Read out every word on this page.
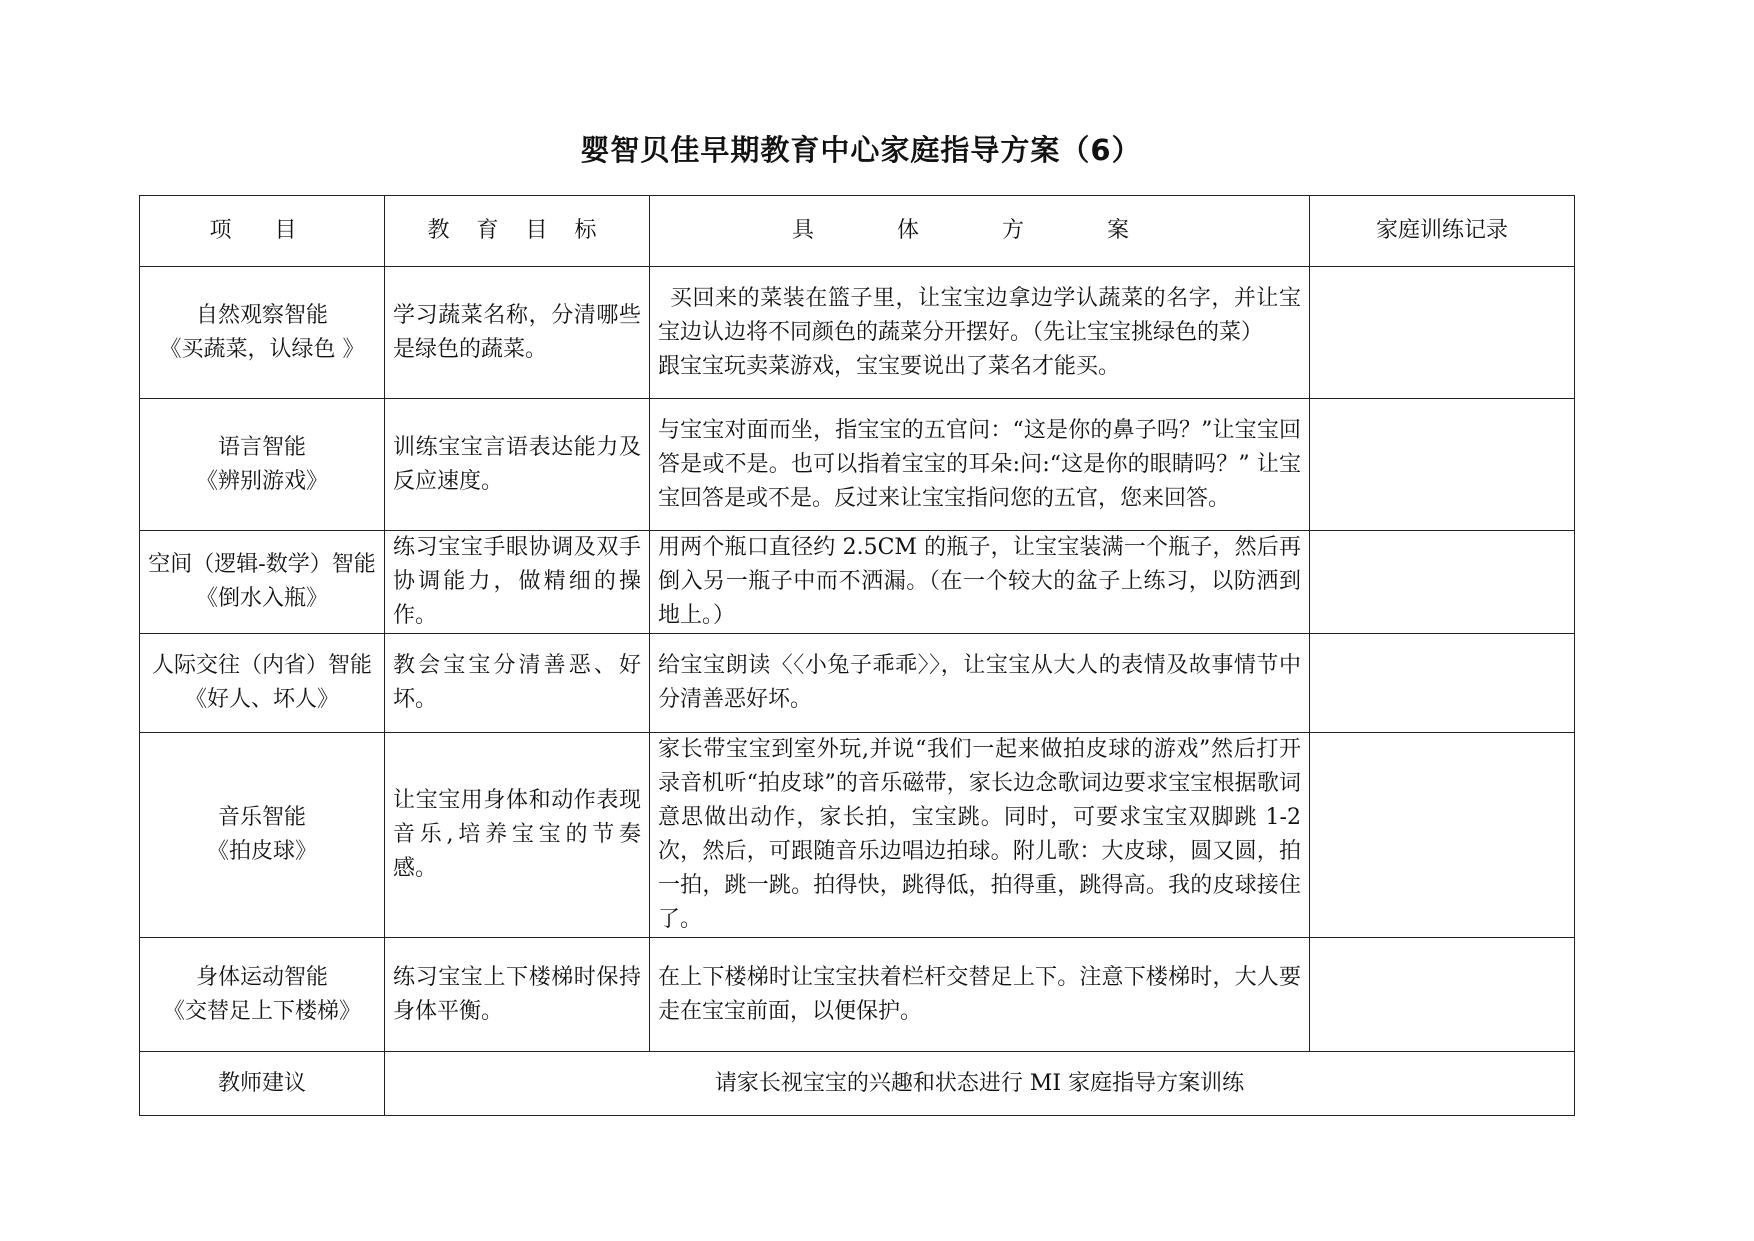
婴智贝佳早期教育中心家庭指导方案（6）
项 目	教 育 目 标	具 体 方 案	家庭训练记录

自然观察智能
《买蔬菜，认绿色 》	学习蔬菜名称，分清哪些是绿色的蔬菜。	买回来的菜装在篮子里，让宝宝边拿边学认蔬菜的名字，并让宝宝边认边将不同颜色的蔬菜分开摆好。（先让宝宝挑绿色的菜）
跟宝宝玩卖菜游戏，宝宝要说出了菜名才能买。	

语言智能
《辨别游戏》	训练宝宝言语表达能力及反应速度。	与宝宝对面而坐，指宝宝的五官问：“这是你的鼻子吗？”让宝宝回答是或不是。也可以指着宝宝的耳朵:问:“这是你的眼睛吗？” 让宝宝回答是或不是。反过来让宝宝指问您的五官，您来回答。	

空间（逻辑-数学）智能
《倒水入瓶》	练习宝宝手眼协调及双手协调能力，做精细的操作。	用两个瓶口直径约 2.5CM 的瓶子，让宝宝装满一个瓶子，然后再倒入另一瓶子中而不洒漏。（在一个较大的盆子上练习，以防洒到地上。）	

人际交往（内省）智能
《好人、坏人》	教会宝宝分清善恶、好坏。	给宝宝朗读〈〈小兔子乖乖〉〉，让宝宝从大人的表情及故事情节中分清善恶好坏。	

音乐智能
《拍皮球》	让宝宝用身体和动作表现音乐,培养宝宝的节奏感。	家长带宝宝到室外玩,并说“我们一起来做拍皮球的游戏”然后打开录音机听“拍皮球”的音乐磁带，家长边念歌词边要求宝宝根据歌词意思做出动作，家长拍，宝宝跳。同时，可要求宝宝双脚跳 1-2 次，然后，可跟随音乐边唱边拍球。附儿歌：大皮球，圆又圆，拍一拍，跳一跳。拍得快，跳得低，拍得重，跳得高。我的皮球接住了。	

身体运动智能
《交替足上下楼梯》	练习宝宝上下楼梯时保持身体平衡。	在上下楼梯时让宝宝扶着栏杆交替足上下。注意下楼梯时，大人要走在宝宝前面，以便保护。	

教师建议	请家长视宝宝的兴趣和状态进行 MI 家庭指导方案训练		
